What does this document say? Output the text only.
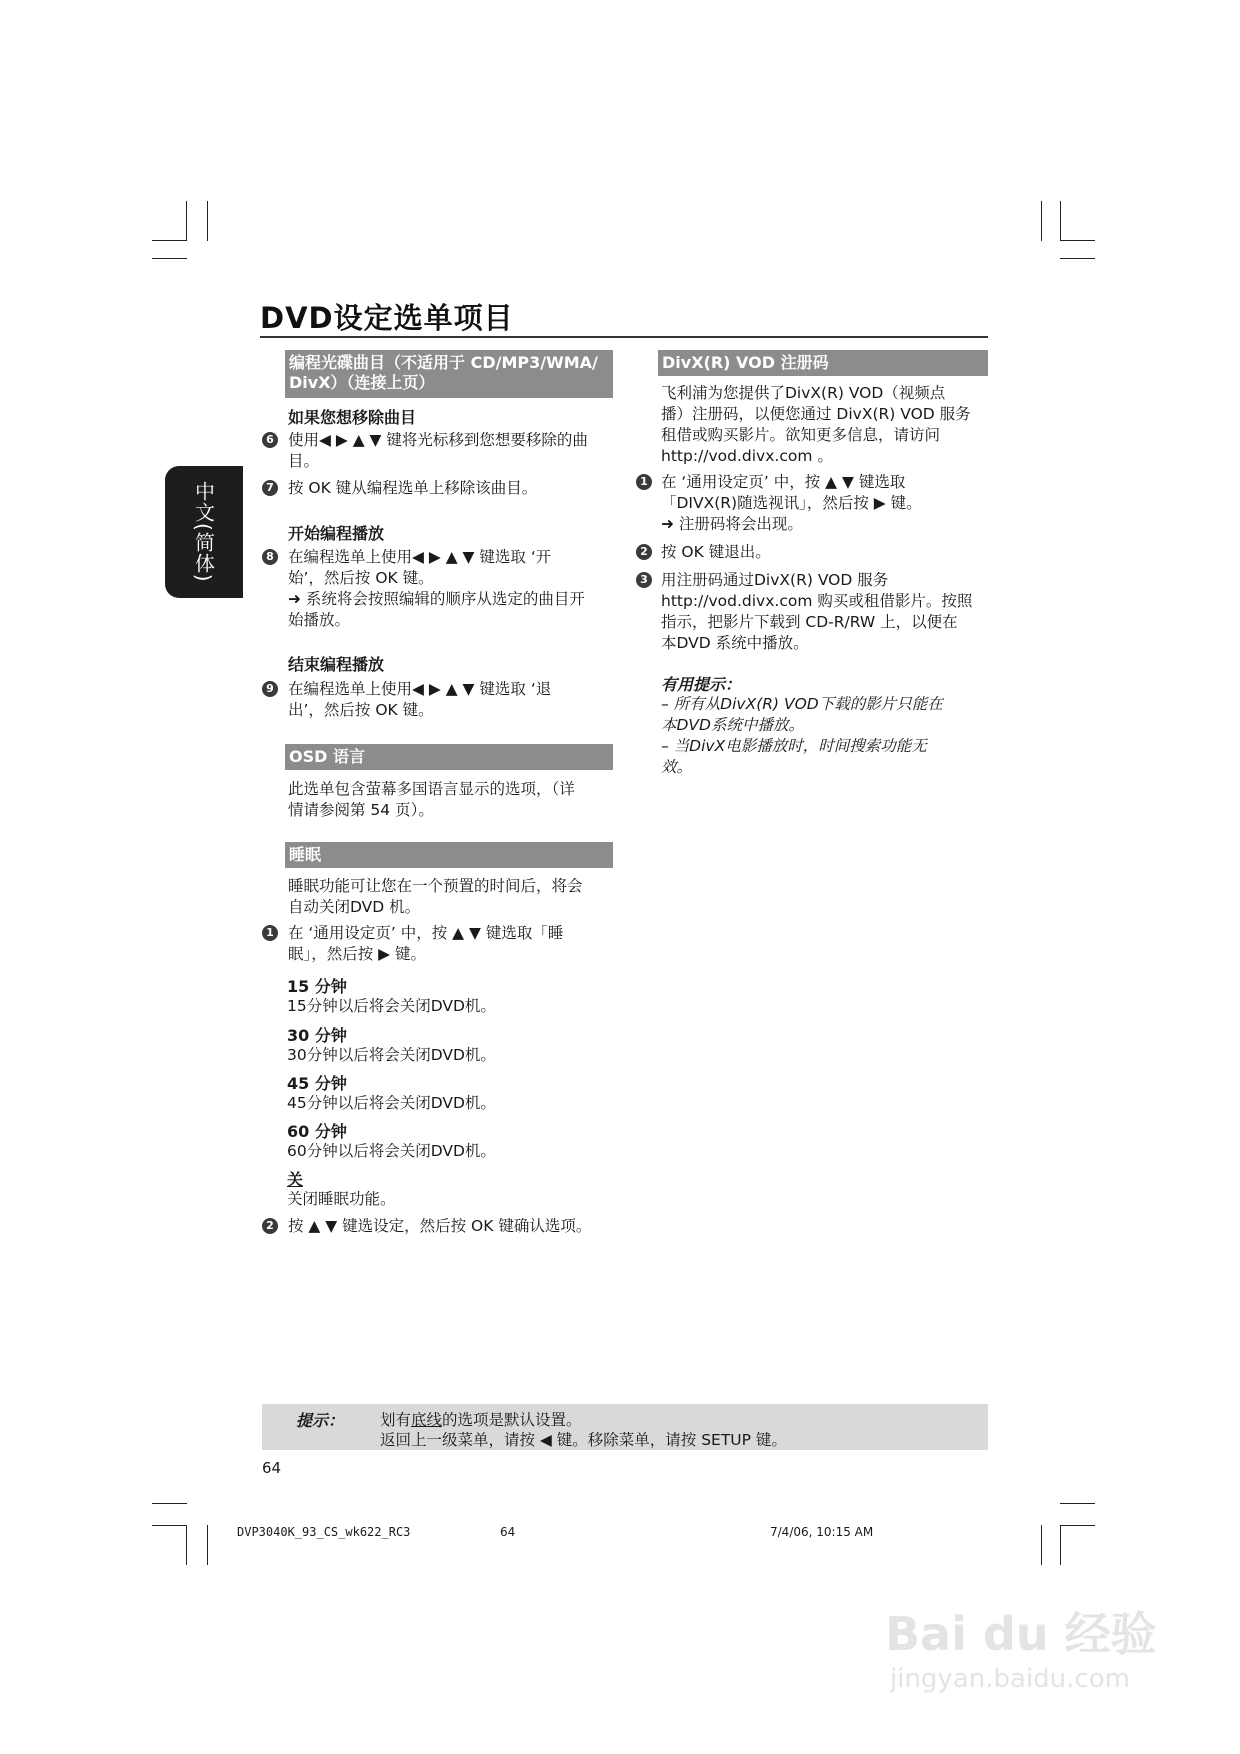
DVD设定选单项目
中文(简体)
编程光碟曲目（不适用于 CD/MP3/WMA/
DivX）（连接上页）
如果您想移除曲目
6 使用◀ ▶ ▲ ▼ 键将光标移到您想要移除的曲
目。
7 按 OK 键从编程选单上移除该曲目。
开始编程播放
8 在编程选单上使用◀ ▶ ▲ ▼ 键选取 ‘开
始’，然后按 OK 键。
➜ 系统将会按照编辑的顺序从选定的曲目开
始播放。
结束编程播放
9 在编程选单上使用◀ ▶ ▲ ▼ 键选取 ‘退
出’，然后按 OK 键。
OSD 语言
此选单包含萤幕多国语言显示的选项，（详
情请参阅第 54 页）。
睡眠
睡眠功能可让您在一个预置的时间后，将会
自动关闭DVD 机。
1 在 ‘通用设定页’ 中，按 ▲ ▼ 键选取「睡
眠」，然后按 ▶ 键。
15 分钟
15分钟以后将会关闭DVD机。
30 分钟
30分钟以后将会关闭DVD机。
45 分钟
45分钟以后将会关闭DVD机。
60 分钟
60分钟以后将会关闭DVD机。
关
关闭睡眠功能。
2 按 ▲ ▼ 键选设定，然后按 OK 键确认选项。
DivX(R) VOD 注册码
飞利浦为您提供了DivX(R) VOD（视频点
播）注册码，以便您通过 DivX(R) VOD 服务
租借或购买影片。欲知更多信息，请访问
http://vod.divx.com 。
1 在 ‘通用设定页’ 中，按 ▲ ▼ 键选取
「DIVX(R)随选视讯」，然后按 ▶ 键。
➜ 注册码将会出现。
2 按 OK 键退出。
3 用注册码通过DivX(R) VOD 服务
http://vod.divx.com 购买或租借影片。按照
指示，把影片下载到 CD-R/RW 上，以便在
本DVD 系统中播放。
有用提示：
– 所有从DivX(R) VOD下载的影片只能在
本DVD系统中播放。
– 当DivX电影播放时，时间搜索功能无
效。
提示： 划有底线的选项是默认设置。
返回上一级菜单，请按 ◀ 键。移除菜单，请按 SETUP 键。
64
DVP3040K_93_CS_wk622_RC3	64	7/4/06, 10:15 AM
Bai du 经验
jingyan.baidu.com
